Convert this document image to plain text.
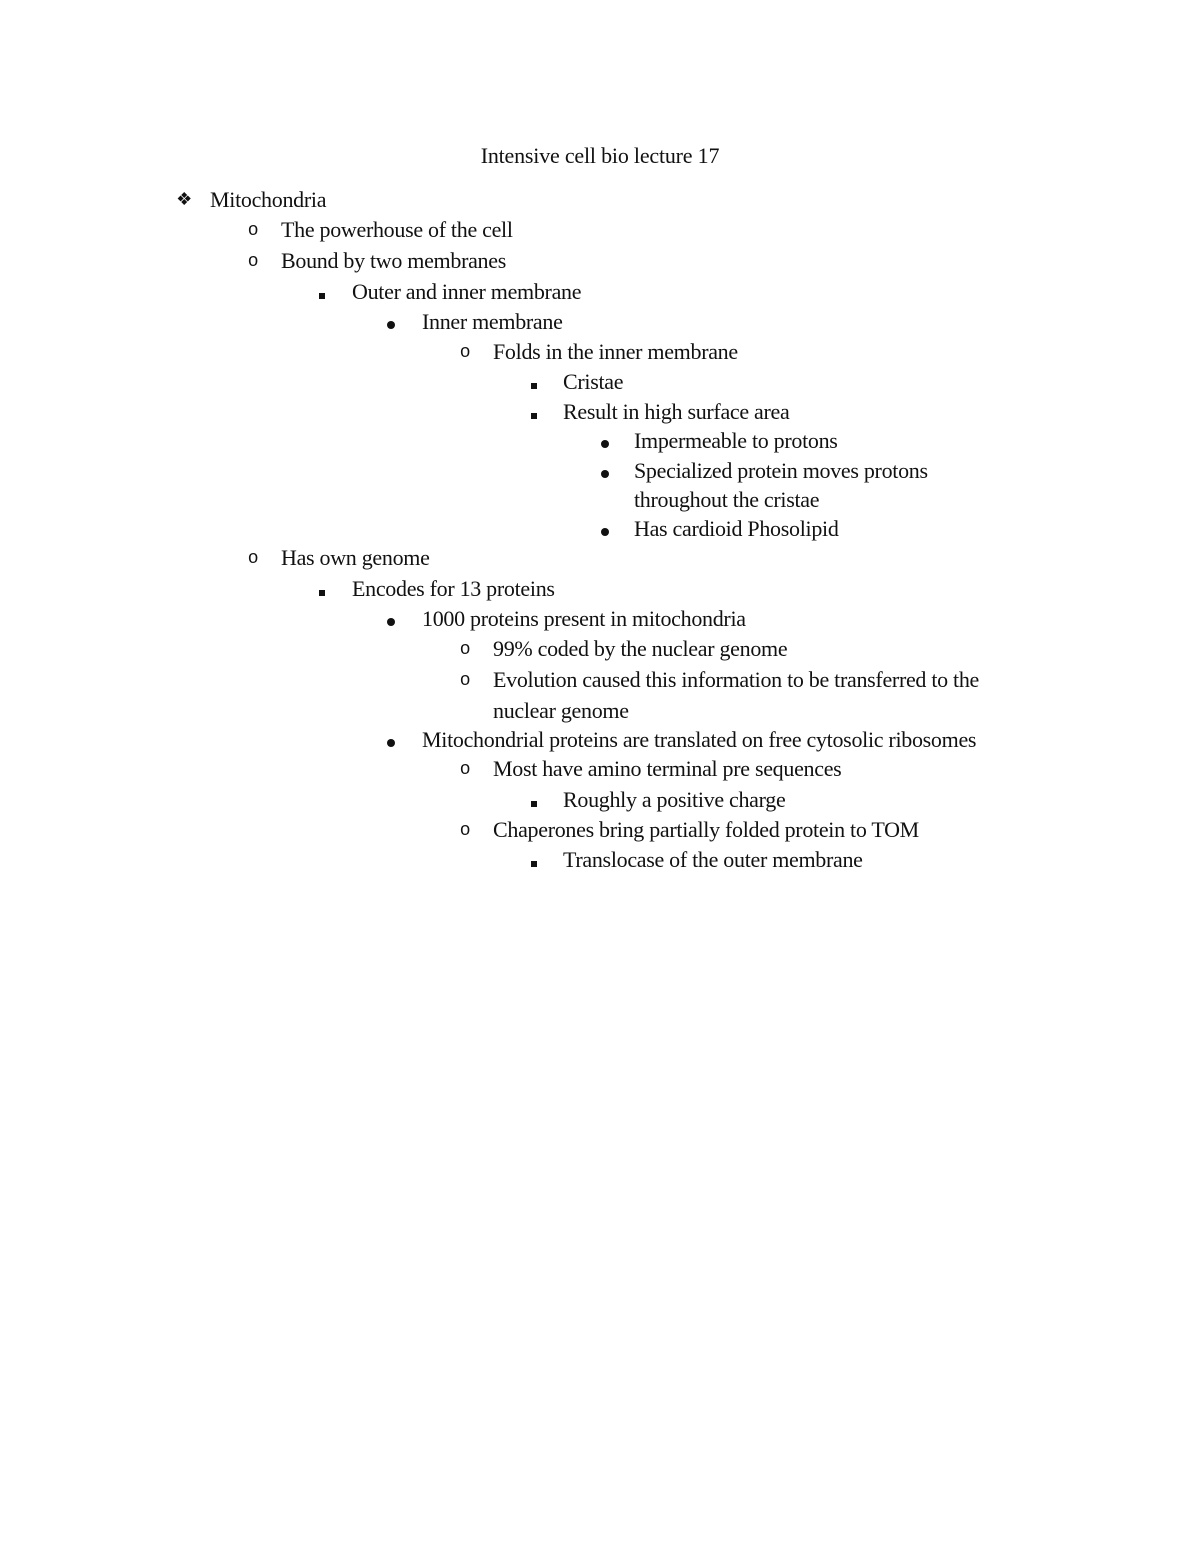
Intensive cell bio lecture 17
❖ Mitochondria
o The powerhouse of the cell
o Bound by two membranes
Outer and inner membrane
Inner membrane
o Folds in the inner membrane
Cristae
Result in high surface area
Impermeable to protons
Specialized protein moves protons
throughout the cristae
Has cardioid Phosolipid
o Has own genome
Encodes for 13 proteins
1000 proteins present in mitochondria
o 99% coded by the nuclear genome
o Evolution caused this information to be transferred to the
nuclear genome
Mitochondrial proteins are translated on free cytosolic ribosomes
o Most have amino terminal pre sequences
Roughly a positive charge
o Chaperones bring partially folded protein to TOM
Translocase of the outer membrane
